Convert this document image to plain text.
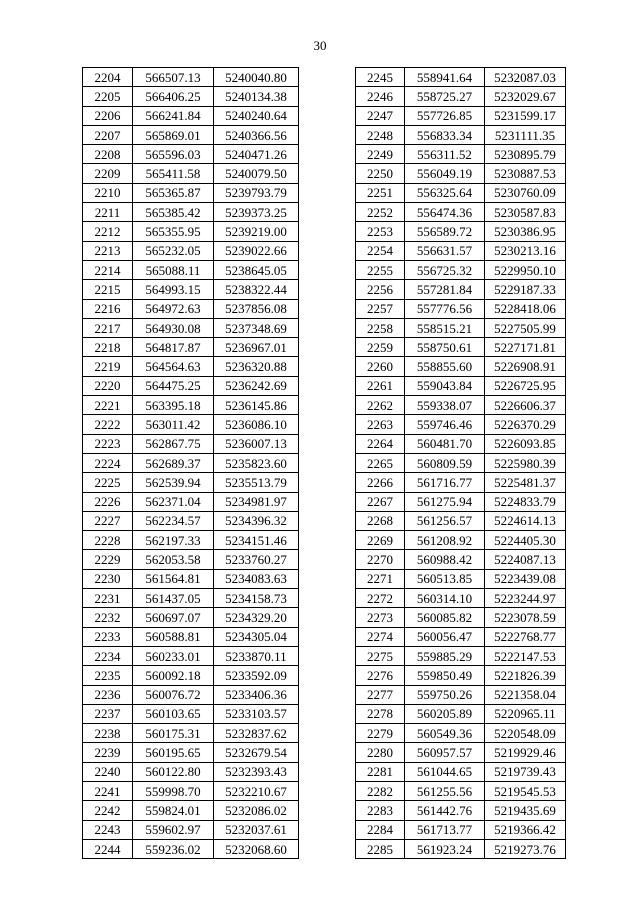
30
2204	566507.13	5240040.80
2205	566406.25	5240134.38
2206	566241.84	5240240.64
2207	565869.01	5240366.56
2208	565596.03	5240471.26
2209	565411.58	5240079.50
2210	565365.87	5239793.79
2211	565385.42	5239373.25
2212	565355.95	5239219.00
2213	565232.05	5239022.66
2214	565088.11	5238645.05
2215	564993.15	5238322.44
2216	564972.63	5237856.08
2217	564930.08	5237348.69
2218	564817.87	5236967.01
2219	564564.63	5236320.88
2220	564475.25	5236242.69
2221	563395.18	5236145.86
2222	563011.42	5236086.10
2223	562867.75	5236007.13
2224	562689.37	5235823.60
2225	562539.94	5235513.79
2226	562371.04	5234981.97
2227	562234.57	5234396.32
2228	562197.33	5234151.46
2229	562053.58	5233760.27
2230	561564.81	5234083.63
2231	561437.05	5234158.73
2232	560697.07	5234329.20
2233	560588.81	5234305.04
2234	560233.01	5233870.11
2235	560092.18	5233592.09
2236	560076.72	5233406.36
2237	560103.65	5233103.57
2238	560175.31	5232837.62
2239	560195.65	5232679.54
2240	560122.80	5232393.43
2241	559998.70	5232210.67
2242	559824.01	5232086.02
2243	559602.97	5232037.61
2244	559236.02	5232068.60
2245	558941.64	5232087.03
2246	558725.27	5232029.67
2247	557726.85	5231599.17
2248	556833.34	5231111.35
2249	556311.52	5230895.79
2250	556049.19	5230887.53
2251	556325.64	5230760.09
2252	556474.36	5230587.83
2253	556589.72	5230386.95
2254	556631.57	5230213.16
2255	556725.32	5229950.10
2256	557281.84	5229187.33
2257	557776.56	5228418.06
2258	558515.21	5227505.99
2259	558750.61	5227171.81
2260	558855.60	5226908.91
2261	559043.84	5226725.95
2262	559338.07	5226606.37
2263	559746.46	5226370.29
2264	560481.70	5226093.85
2265	560809.59	5225980.39
2266	561716.77	5225481.37
2267	561275.94	5224833.79
2268	561256.57	5224614.13
2269	561208.92	5224405.30
2270	560988.42	5224087.13
2271	560513.85	5223439.08
2272	560314.10	5223244.97
2273	560085.82	5223078.59
2274	560056.47	5222768.77
2275	559885.29	5222147.53
2276	559850.49	5221826.39
2277	559750.26	5221358.04
2278	560205.89	5220965.11
2279	560549.36	5220548.09
2280	560957.57	5219929.46
2281	561044.65	5219739.43
2282	561255.56	5219545.53
2283	561442.76	5219435.69
2284	561713.77	5219366.42
2285	561923.24	5219273.76
